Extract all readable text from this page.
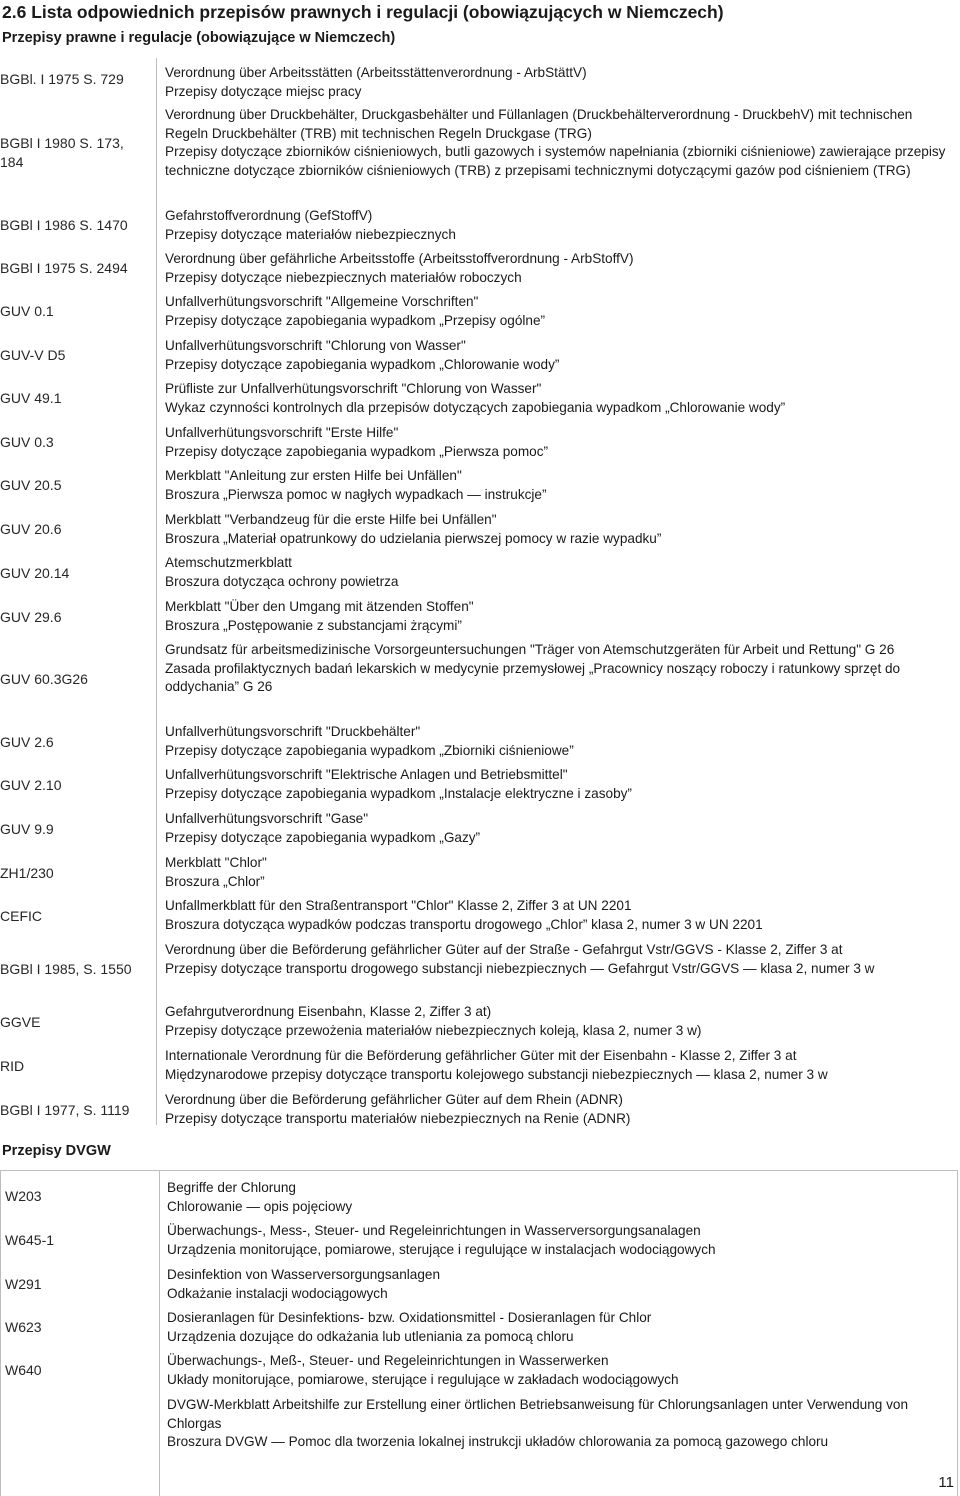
2.6 Lista odpowiednich przepisów prawnych i regulacji (obowiązujących w Niemczech)
Przepisy prawne i regulacje (obowiązujące w Niemczech)
BGBl. I 1975 S. 729	Verordnung über Arbeitsstätten (Arbeitsstättenverordnung - ArbStättV)
Przepisy dotyczące miejsc pracy
BGBl I 1980 S. 173, 184
Verordnung über Druckbehälter, Druckgasbehälter und Füllanlagen (Druckbehälterverordnung - DruckbehV) mit technischen Regeln Druckbehälter (TRB) mit technischen Regeln Druckgase (TRG)
Przepisy dotyczące zbiorników ciśnieniowych, butli gazowych i systemów napełniania (zbiorniki ciśnieniowe) zawierające przepisy techniczne dotyczące zbiorników ciśnieniowych (TRB) z przepisami technicznymi dotyczącymi gazów pod ciśnieniem (TRG)
BGBl I 1986 S. 1470
Gefahrstoffverordnung (GefStoffV)
Przepisy dotyczące materiałów niebezpiecznych
BGBl I 1975 S. 2494
Verordnung über gefährliche Arbeitsstoffe (Arbeitsstoffverordnung - ArbStoffV)
Przepisy dotyczące niebezpiecznych materiałów roboczych
GUV 0.1
Unfallverhütungsvorschrift "Allgemeine Vorschriften"
Przepisy dotyczące zapobiegania wypadkom „Przepisy ogólne”
GUV-V D5
Unfallverhütungsvorschrift "Chlorung von Wasser"
Przepisy dotyczące zapobiegania wypadkom „Chlorowanie wody”
GUV 49.1
Prüfliste zur Unfallverhütungsvorschrift "Chlorung von Wasser"
Wykaz czynności kontrolnych dla przepisów dotyczących zapobiegania wypadkom „Chlorowanie wody”
GUV 0.3
Unfallverhütungsvorschrift "Erste Hilfe"
Przepisy dotyczące zapobiegania wypadkom „Pierwsza pomoc”
GUV 20.5
Merkblatt "Anleitung zur ersten Hilfe bei Unfällen"
Broszura „Pierwsza pomoc w nagłych wypadkach — instrukcje”
GUV 20.6
Merkblatt "Verbandzeug für die erste Hilfe bei Unfällen"
Broszura „Materiał opatrunkowy do udzielania pierwszej pomocy w razie wypadku”
GUV 20.14
Atemschutzmerkblatt
Broszura dotycząca ochrony powietrza
GUV 29.6
Merkblatt "Über den Umgang mit ätzenden Stoffen"
Broszura „Postępowanie z substancjami żrącymi”
GUV 60.3G26
Grundsatz für arbeitsmedizinische Vorsorgeuntersuchungen "Träger von Atemschutzgeräten für Arbeit und Rettung" G 26
Zasada profilaktycznych badań lekarskich w medycynie przemysłowej „Pracownicy noszący roboczy i ratunkowy sprzęt do oddychania” G 26
GUV 2.6
Unfallverhütungsvorschrift "Druckbehälter"
Przepisy dotyczące zapobiegania wypadkom „Zbiorniki ciśnieniowe”
GUV 2.10
Unfallverhütungsvorschrift "Elektrische Anlagen und Betriebsmittel"
Przepisy dotyczące zapobiegania wypadkom „Instalacje elektryczne i zasoby”
GUV 9.9
Unfallverhütungsvorschrift "Gase"
Przepisy dotyczące zapobiegania wypadkom „Gazy”
ZH1/230
Merkblatt "Chlor"
Broszura „Chlor”
CEFIC
Unfallmerkblatt für den Straßentransport "Chlor" Klasse 2, Ziffer 3 at UN 2201
Broszura dotycząca wypadków podczas transportu drogowego „Chlor” klasa 2, numer 3 w UN 2201
BGBl I 1985, S. 1550
Verordnung über die Beförderung gefährlicher Güter auf der Straße - Gefahrgut Vstr/GGVS - Klasse 2, Ziffer 3 at
Przepisy dotyczące transportu drogowego substancji niebezpiecznych — Gefahrgut Vstr/GGVS — klasa 2, numer 3 w
GGVE
Gefahrgutverordnung Eisenbahn, Klasse 2, Ziffer 3 at)
Przepisy dotyczące przewożenia materiałów niebezpiecznych koleją, klasa 2, numer 3 w)
RID
Internationale Verordnung für die Beförderung gefährlicher Güter mit der Eisenbahn - Klasse 2, Ziffer 3 at
Międzynarodowe przepisy dotyczące transportu kolejowego substancji niebezpiecznych — klasa 2, numer 3 w
BGBl I 1977, S. 1119
Verordnung über die Beförderung gefährlicher Güter auf dem Rhein (ADNR)
Przepisy dotyczące transportu materiałów niebezpiecznych na Renie (ADNR)
Przepisy DVGW
W203
Begriffe der Chlorung
Chlorowanie — opis pojęciowy
W645-1
Überwachungs-, Mess-, Steuer- und Regeleinrichtungen in Wasserversorgungsanalagen
Urządzenia monitorujące, pomiarowe, sterujące i regulujące w instalacjach wodociągowych
W291
Desinfektion von Wasserversorgungsanlagen
Odkażanie instalacji wodociągowych
W623
Dosieranlagen für Desinfektions- bzw. Oxidationsmittel - Dosieranlagen für Chlor
Urządzenia dozujące do odkażania lub utleniania za pomocą chloru
W640
Überwachungs-, Meß-, Steuer- und Regeleinrichtungen in Wasserwerken
Układy monitorujące, pomiarowe, sterujące i regulujące w zakładach wodociągowych
DVGW-Merkblatt Arbeitshilfe zur Erstellung einer örtlichen Betriebsanweisung für Chlorungsanlagen unter Verwendung von Chlorgas
Broszura DVGW — Pomoc dla tworzenia lokalnej instrukcji układów chlorowania za pomocą gazowego chloru
11
